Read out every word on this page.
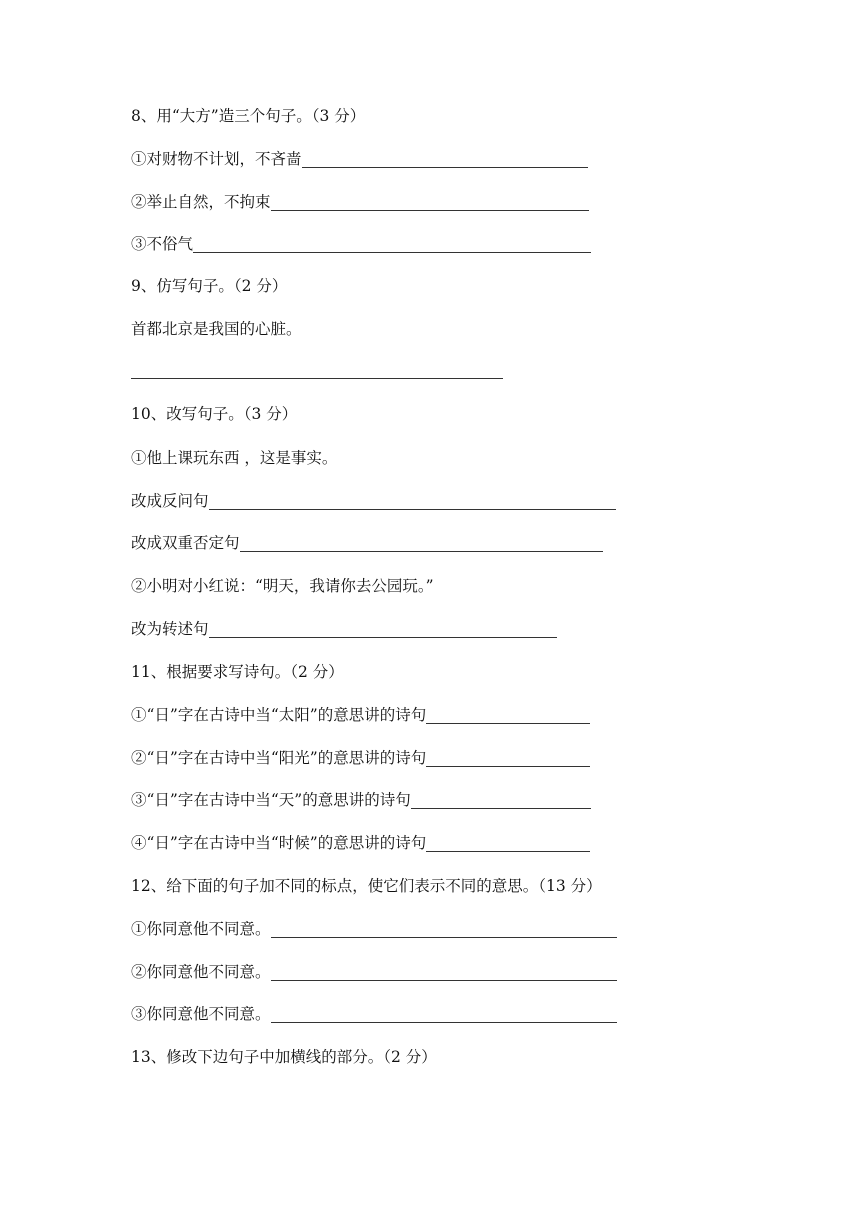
8、用“大方”造三个句子。（3 分）
①对财物不计划，不吝啬
②举止自然，不拘束
③不俗气
9、仿写句子。（2 分）
首都北京是我国的心脏。
10、改写句子。（3 分）
①他上课玩东西 ，这是事实。
改成反问句
改成双重否定句
②小明对小红说：“明天，我请你去公园玩。”
改为转述句
11、根据要求写诗句。（2 分）
①“日”字在古诗中当“太阳”的意思讲的诗句
②“日”字在古诗中当“阳光”的意思讲的诗句
③“日”字在古诗中当“天”的意思讲的诗句
④“日”字在古诗中当“时候”的意思讲的诗句
12、给下面的句子加不同的标点，使它们表示不同的意思。（13 分）
①你同意他不同意。
②你同意他不同意。
③你同意他不同意。
13、修改下边句子中加横线的部分。（2 分）
